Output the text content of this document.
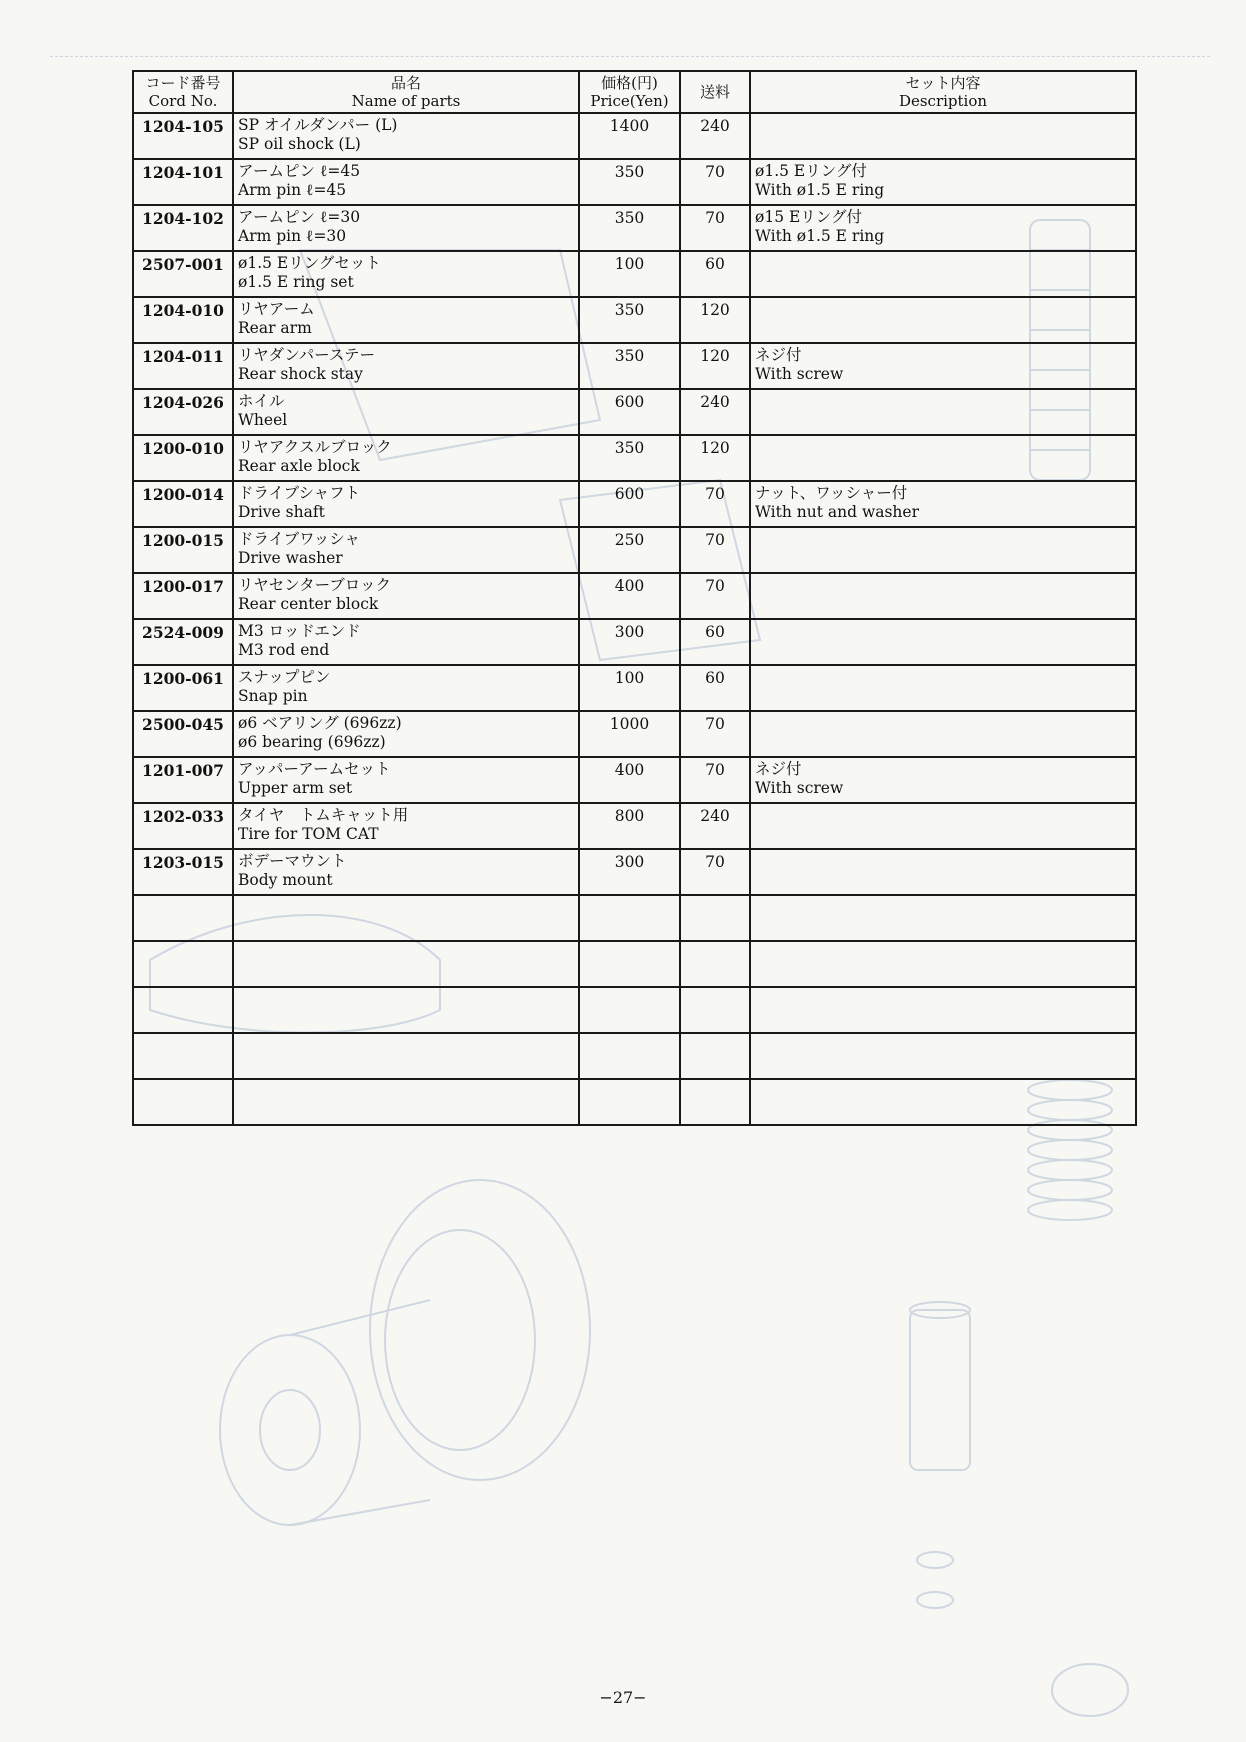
コード番号
Cord No.	品名
Name of parts	価格(円)
Price(Yen)	送料	セット内容
Description

1204-105	SP オイルダンパー (L)
SP oil shock (L)	1400	240	

1204-101	アームピン ℓ=45
Arm pin ℓ=45	350	70	ø1.5 Eリング付
With ø1.5 E ring

1204-102	アームピン ℓ=30
Arm pin ℓ=30	350	70	ø15 Eリング付
With ø1.5 E ring

2507-001	ø1.5 Eリングセット
ø1.5 E ring set	100	60	

1204-010	リヤアーム
Rear arm	350	120	

1204-011	リヤダンパーステー
Rear shock stay	350	120	ネジ付
With screw

1204-026	ホイル
Wheel	600	240	

1200-010	リヤアクスルブロック
Rear axle block	350	120	

1200-014	ドライブシャフト
Drive shaft	600	70	ナット、ワッシャー付
With nut and washer

1200-015	ドライブワッシャ
Drive washer	250	70	

1200-017	リヤセンターブロック
Rear center block	400	70	

2524-009	M3 ロッドエンド
M3 rod end	300	60	

1200-061	スナップピン
Snap pin	100	60	

2500-045	ø6 ベアリング (696zz)
ø6 bearing (696zz)	1000	70	

1201-007	アッパーアームセット
Upper arm set	400	70	ネジ付
With screw

1202-033	タイヤ　トムキャット用
Tire for TOM CAT	800	240	

1203-015	ボデーマウント
Body mount	300	70	

−27−
